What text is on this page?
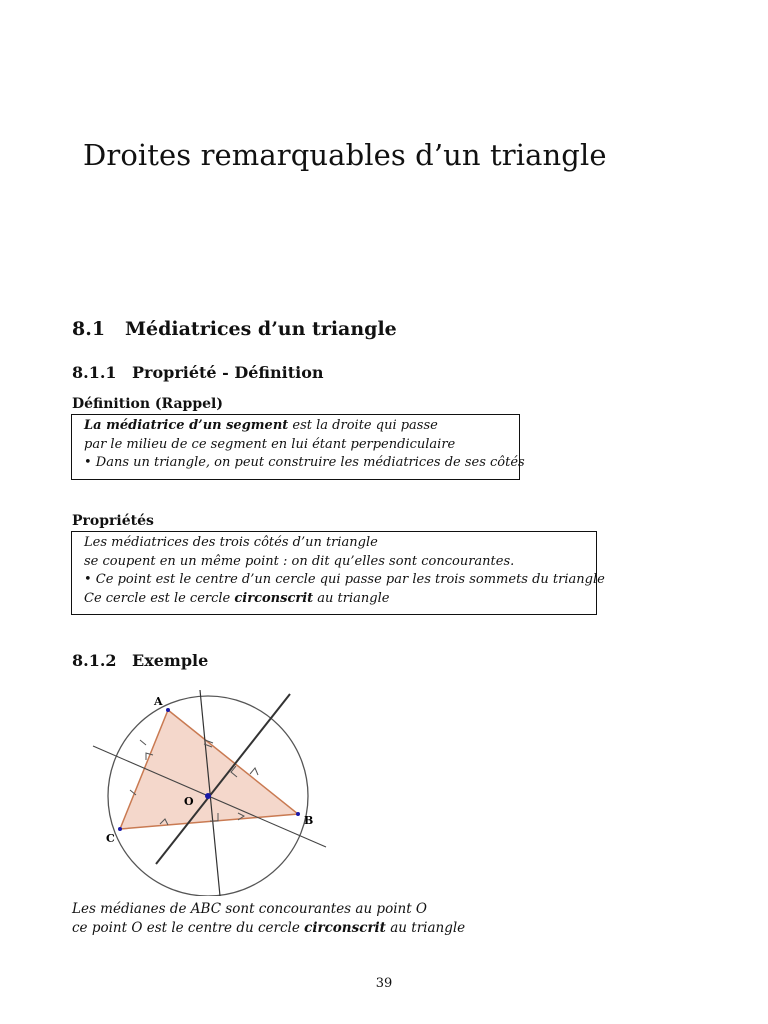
Droites remarquables d’un triangle
8.1 Médiatrices d’un triangle
8.1.1 Propriété - Définition
Définition (Rappel)
La médiatrice d’un segment est la droite qui passe
par le milieu de ce segment en lui étant perpendiculaire
• Dans un triangle, on peut construire les médiatrices de ses côtés
Propriétés
Les médiatrices des trois côtés d’un triangle
se coupent en un même point : on dit qu’elles sont concourantes.
• Ce point est le centre d’un cercle qui passe par les trois sommets du triangle
Ce cercle est le cercle circonscrit au triangle
8.1.2 Exemple
A
B
C
O
Les médianes de ABC sont concourantes au point O
ce point O est le centre du cercle circonscrit au triangle
39
